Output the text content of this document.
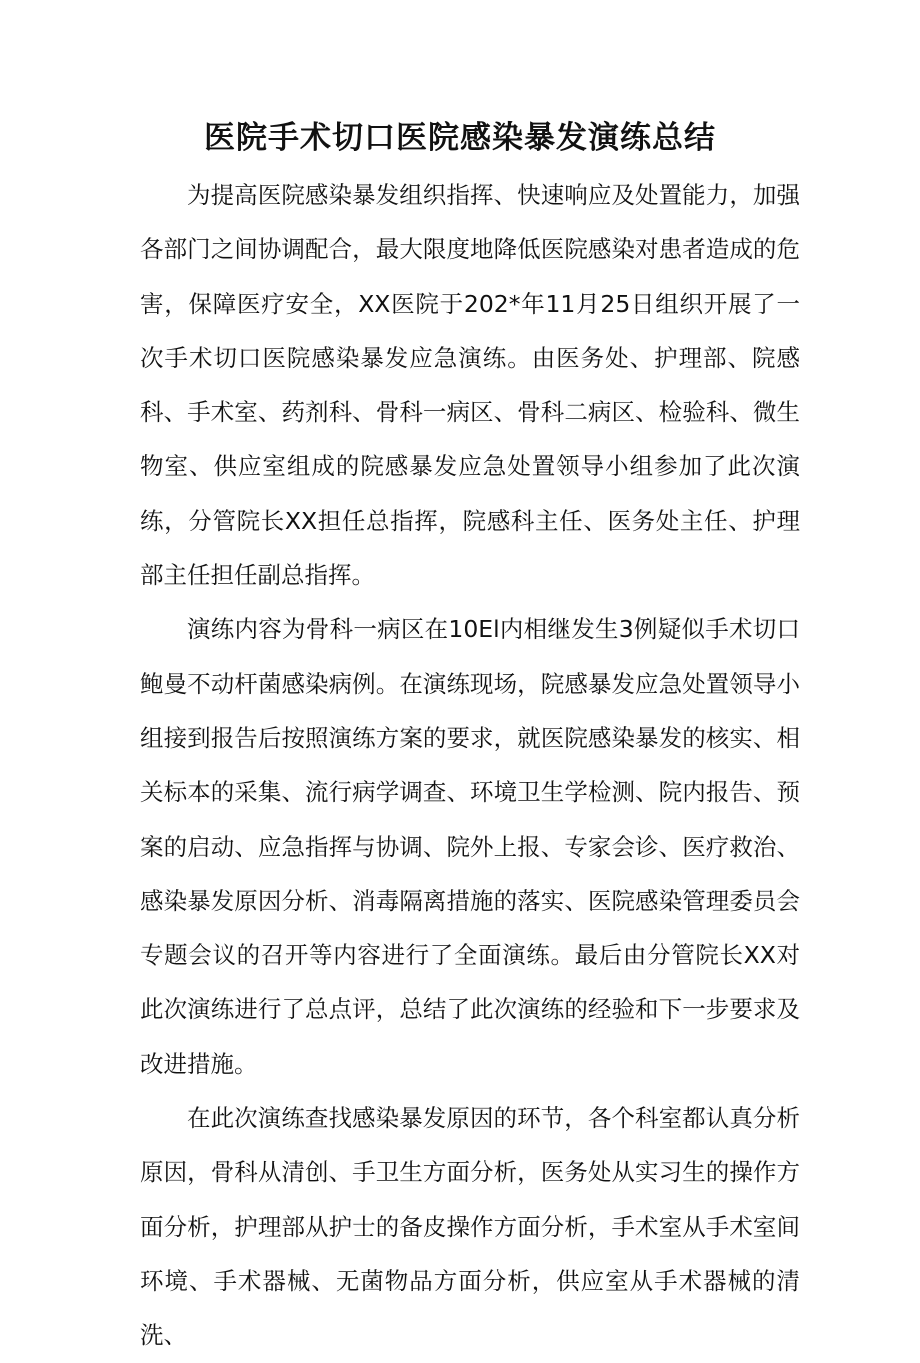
医院手术切口医院感染暴发演练总结

为提高医院感染暴发组织指挥、快速响应及处置能力，加强各部门之间协调配合，最大限度地降低医院感染对患者造成的危害，保障医疗安全，XX医院于202*年11月25日组织开展了一次手术切口医院感染暴发应急演练。由医务处、护理部、院感科、手术室、药剂科、骨科一病区、骨科二病区、检验科、微生物室、供应室组成的院感暴发应急处置领导小组参加了此次演练，分管院长XX担任总指挥，院感科主任、医务处主任、护理部主任担任副总指挥。

演练内容为骨科一病区在10El内相继发生3例疑似手术切口鲍曼不动杆菌感染病例。在演练现场，院感暴发应急处置领导小组接到报告后按照演练方案的要求，就医院感染暴发的核实、相关标本的采集、流行病学调查、环境卫生学检测、院内报告、预案的启动、应急指挥与协调、院外上报、专家会诊、医疗救治、感染暴发原因分析、消毒隔离措施的落实、医院感染管理委员会专题会议的召开等内容进行了全面演练。最后由分管院长XX对此次演练进行了总点评，总结了此次演练的经验和下一步要求及改进措施。

在此次演练查找感染暴发原因的环节，各个科室都认真分析原因，骨科从清创、手卫生方面分析，医务处从实习生的操作方面分析，护理部从护士的备皮操作方面分析，手术室从手术室间环境、手术器械、无菌物品方面分析，供应室从手术器械的清洗、
